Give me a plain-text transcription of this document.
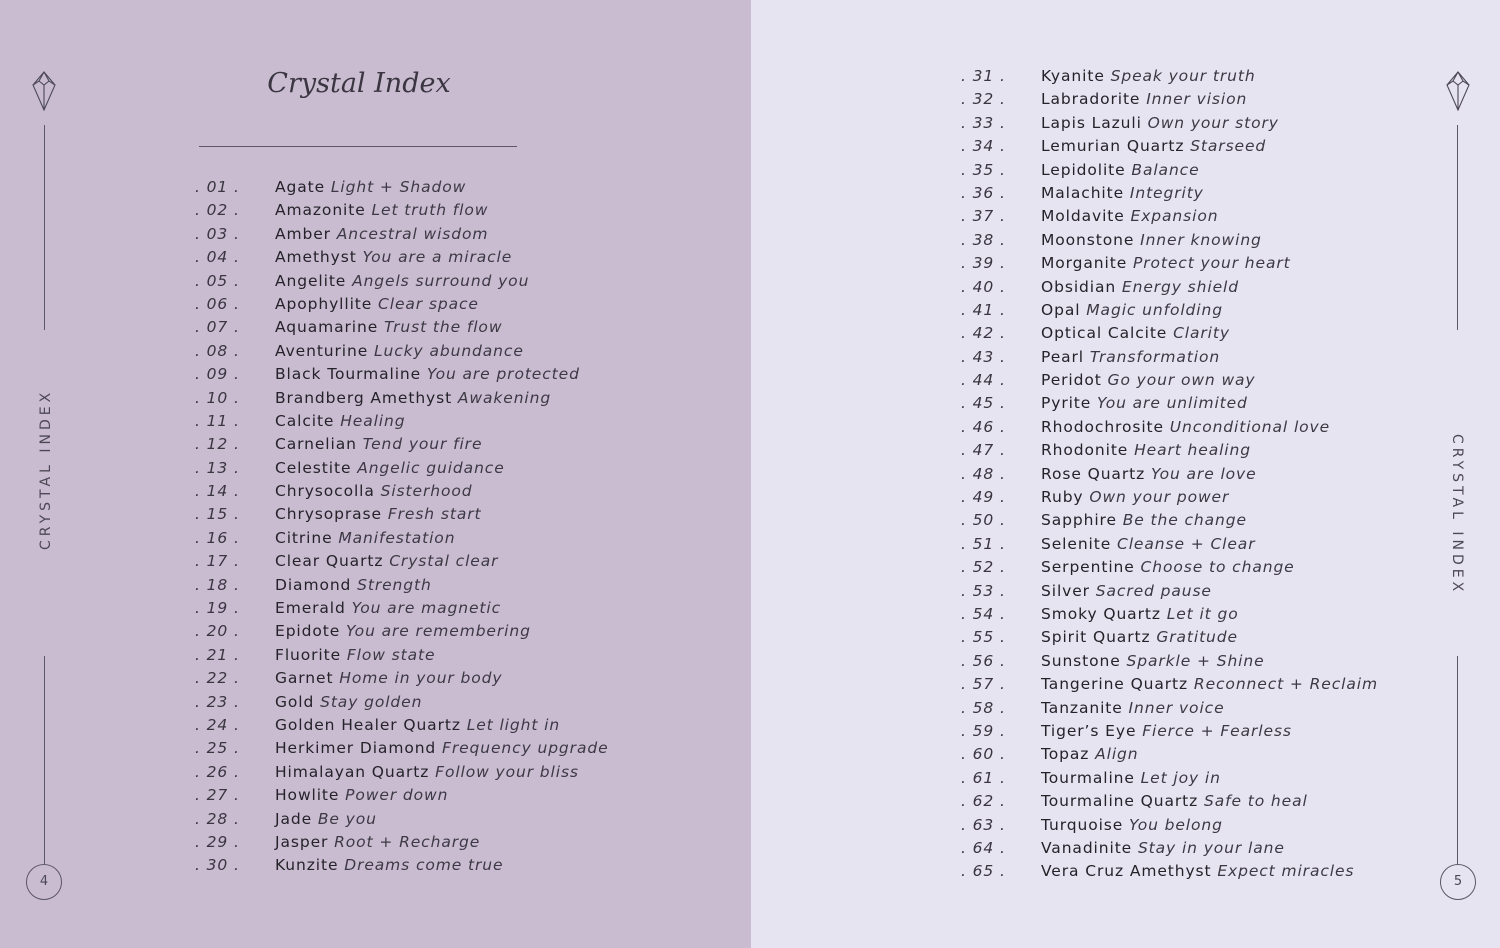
CRYSTAL INDEX
4
Crystal Index
. 01 . Agate Light + Shadow
. 02 . Amazonite Let truth flow
. 03 . Amber Ancestral wisdom
. 04 . Amethyst You are a miracle
. 05 . Angelite Angels surround you
. 06 . Apophyllite Clear space
. 07 . Aquamarine Trust the flow
. 08 . Aventurine Lucky abundance
. 09 . Black Tourmaline You are protected
. 10 . Brandberg Amethyst Awakening
. 11 . Calcite Healing
. 12 . Carnelian Tend your fire
. 13 . Celestite Angelic guidance
. 14 . Chrysocolla Sisterhood
. 15 . Chrysoprase Fresh start
. 16 . Citrine Manifestation
. 17 . Clear Quartz Crystal clear
. 18 . Diamond Strength
. 19 . Emerald You are magnetic
. 20 . Epidote You are remembering
. 21 . Fluorite Flow state
. 22 . Garnet Home in your body
. 23 . Gold Stay golden
. 24 . Golden Healer Quartz Let light in
. 25 . Herkimer Diamond Frequency upgrade
. 26 . Himalayan Quartz Follow your bliss
. 27 . Howlite Power down
. 28 . Jade Be you
. 29 . Jasper Root + Recharge
. 30 . Kunzite Dreams come true
. 31 . Kyanite Speak your truth
. 32 . Labradorite Inner vision
. 33 . Lapis Lazuli Own your story
. 34 . Lemurian Quartz Starseed
. 35 . Lepidolite Balance
. 36 . Malachite Integrity
. 37 . Moldavite Expansion
. 38 . Moonstone Inner knowing
. 39 . Morganite Protect your heart
. 40 . Obsidian Energy shield
. 41 . Opal Magic unfolding
. 42 . Optical Calcite Clarity
. 43 . Pearl Transformation
. 44 . Peridot Go your own way
. 45 . Pyrite You are unlimited
. 46 . Rhodochrosite Unconditional love
. 47 . Rhodonite Heart healing
. 48 . Rose Quartz You are love
. 49 . Ruby Own your power
. 50 . Sapphire Be the change
. 51 . Selenite Cleanse + Clear
. 52 . Serpentine Choose to change
. 53 . Silver Sacred pause
. 54 . Smoky Quartz Let it go
. 55 . Spirit Quartz Gratitude
. 56 . Sunstone Sparkle + Shine
. 57 . Tangerine Quartz Reconnect + Reclaim
. 58 . Tanzanite Inner voice
. 59 . Tiger’s Eye Fierce + Fearless
. 60 . Topaz Align
. 61 . Tourmaline Let joy in
. 62 . Tourmaline Quartz Safe to heal
. 63 . Turquoise You belong
. 64 . Vanadinite Stay in your lane
. 65 . Vera Cruz Amethyst Expect miracles
CRYSTAL INDEX
5
